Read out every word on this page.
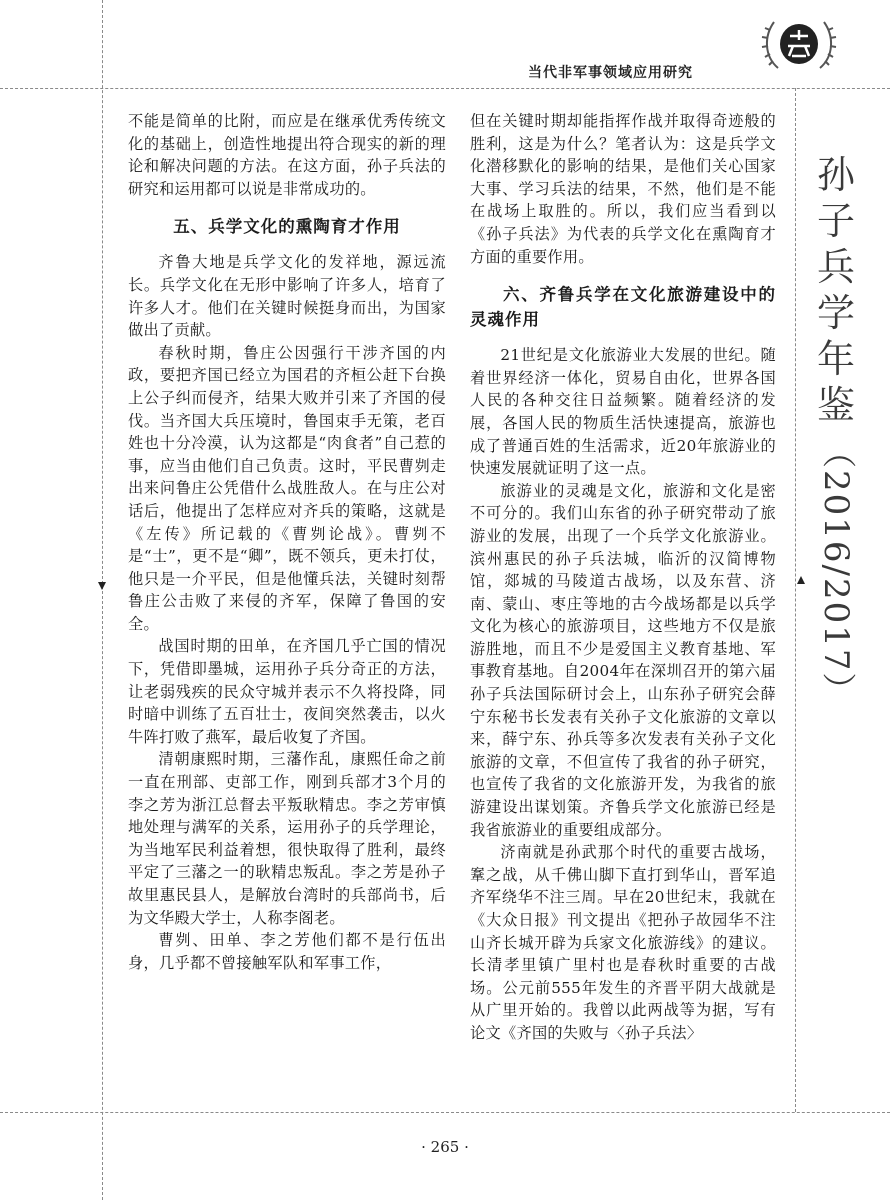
当代非军事领域应用研究
孙
子
兵
学
年
鉴
（2016/2017）

不能是简单的比附，而应是在继承优秀传统文化的基础上，创造性地提出符合现实的新的理论和解决问题的方法。在这方面，孙子兵法的研究和运用都可以说是非常成功的。

五、兵学文化的熏陶育才作用

齐鲁大地是兵学文化的发祥地，源远流长。兵学文化在无形中影响了许多人，培育了许多人才。他们在关键时候挺身而出，为国家做出了贡献。

春秋时期，鲁庄公因强行干涉齐国的内政，要把齐国已经立为国君的齐桓公赶下台换上公子纠而侵齐，结果大败并引来了齐国的侵伐。当齐国大兵压境时，鲁国束手无策，老百姓也十分冷漠，认为这都是“肉食者”自己惹的事，应当由他们自己负责。这时，平民曹刿走出来问鲁庄公凭借什么战胜敌人。在与庄公对话后，他提出了怎样应对齐兵的策略，这就是《左传》所记载的《曹刿论战》。曹刿不是“士”，更不是“卿”，既不领兵，更未打仗，他只是一介平民，但是他懂兵法，关键时刻帮鲁庄公击败了来侵的齐军，保障了鲁国的安全。

战国时期的田单，在齐国几乎亡国的情况下，凭借即墨城，运用孙子兵分奇正的方法，让老弱残疾的民众守城并表示不久将投降，同时暗中训练了五百壮士，夜间突然袭击，以火牛阵打败了燕军，最后收复了齐国。

清朝康熙时期，三藩作乱，康熙任命之前一直在刑部、吏部工作，刚到兵部才3个月的李之芳为浙江总督去平叛耿精忠。李之芳审慎地处理与满军的关系，运用孙子的兵学理论，为当地军民利益着想，很快取得了胜利，最终平定了三藩之一的耿精忠叛乱。李之芳是孙子故里惠民县人，是解放台湾时的兵部尚书，后为文华殿大学士，人称李阁老。

曹刿、田单、李之芳他们都不是行伍出身，几乎都不曾接触军队和军事工作，

但在关键时期却能指挥作战并取得奇迹般的胜利，这是为什么？笔者认为：这是兵学文化潜移默化的影响的结果，是他们关心国家大事、学习兵法的结果，不然，他们是不能在战场上取胜的。所以，我们应当看到以《孙子兵法》为代表的兵学文化在熏陶育才方面的重要作用。

六、齐鲁兵学在文化旅游建设中的灵魂作用

21世纪是文化旅游业大发展的世纪。随着世界经济一体化，贸易自由化，世界各国人民的各种交往日益频繁。随着经济的发展，各国人民的物质生活快速提高，旅游也成了普通百姓的生活需求，近20年旅游业的快速发展就证明了这一点。

旅游业的灵魂是文化，旅游和文化是密不可分的。我们山东省的孙子研究带动了旅游业的发展，出现了一个兵学文化旅游业。滨州惠民的孙子兵法城，临沂的汉简博物馆，郯城的马陵道古战场，以及东营、济南、蒙山、枣庄等地的古今战场都是以兵学文化为核心的旅游项目，这些地方不仅是旅游胜地，而且不少是爱国主义教育基地、军事教育基地。自2004年在深圳召开的第六届孙子兵法国际研讨会上，山东孙子研究会薛宁东秘书长发表有关孙子文化旅游的文章以来，薛宁东、孙兵等多次发表有关孙子文化旅游的文章，不但宣传了我省的孙子研究，也宣传了我省的文化旅游开发，为我省的旅游建设出谋划策。齐鲁兵学文化旅游已经是我省旅游业的重要组成部分。

济南就是孙武那个时代的重要古战场，鞌之战，从千佛山脚下直打到华山，晋军追齐军绕华不注三周。早在20世纪末，我就在《大众日报》刊文提出《把孙子故园华不注山齐长城开辟为兵家文化旅游线》的建议。长清孝里镇广里村也是春秋时重要的古战场。公元前555年发生的齐晋平阴大战就是从广里开始的。我曾以此两战等为据，写有论文《齐国的失败与〈孙子兵法〉

· 265 ·
